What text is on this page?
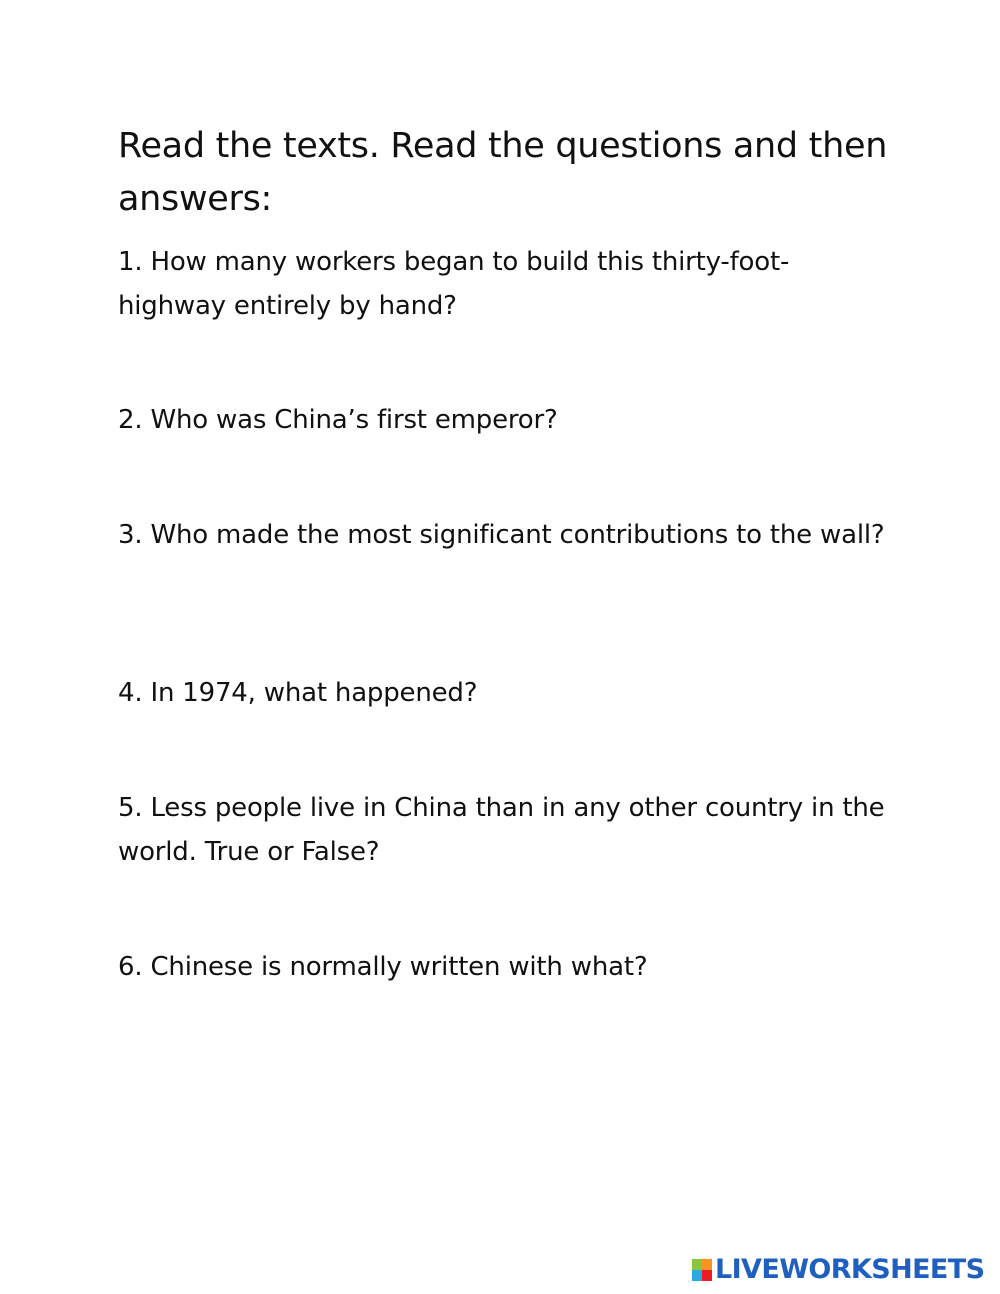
Read the texts. Read the questions and then answers:

1. How many workers began to build this thirty-foot-highway entirely by hand?

2. Who was China’s first emperor?

3. Who made the most significant contributions to the wall?

4. In 1974, what happened?

5. Less people live in China than in any other country in the world. True or False?

6. Chinese is normally written with what?

LIVEWORKSHEETS
